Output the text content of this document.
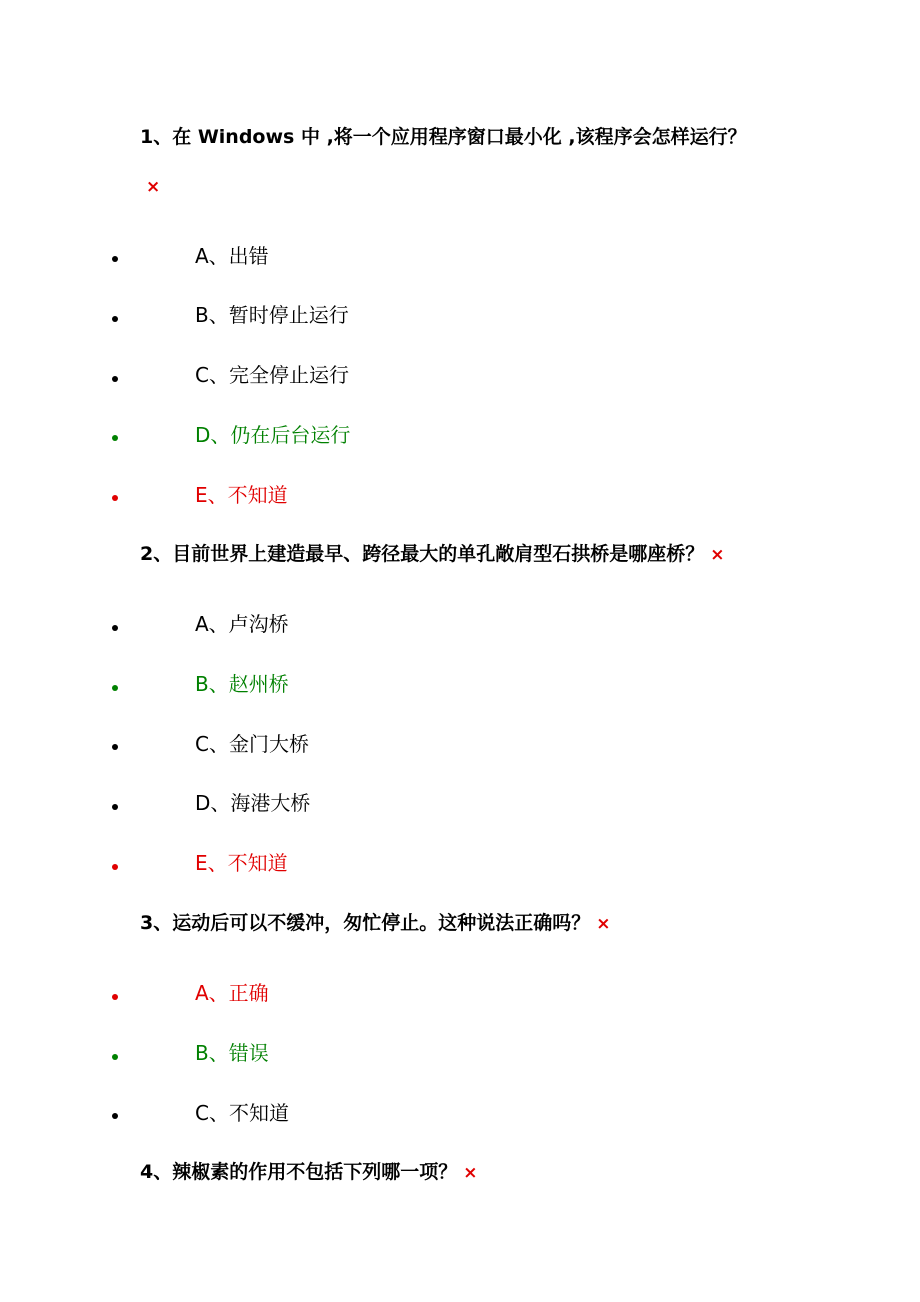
1、在 Windows 中 ,将一个应用程序窗口最小化 ,该程序会怎样运行？
×
A、出错
B、暂时停止运行
C、完全停止运行
D、仍在后台运行
E、不知道
2、目前世界上建造最早、跨径最大的单孔敞肩型石拱桥是哪座桥？ ×
A、卢沟桥
B、赵州桥
C、金门大桥
D、海港大桥
E、不知道
3、运动后可以不缓冲，匆忙停止。这种说法正确吗？ ×
A、正确
B、错误
C、不知道
4、辣椒素的作用不包括下列哪一项？ ×
